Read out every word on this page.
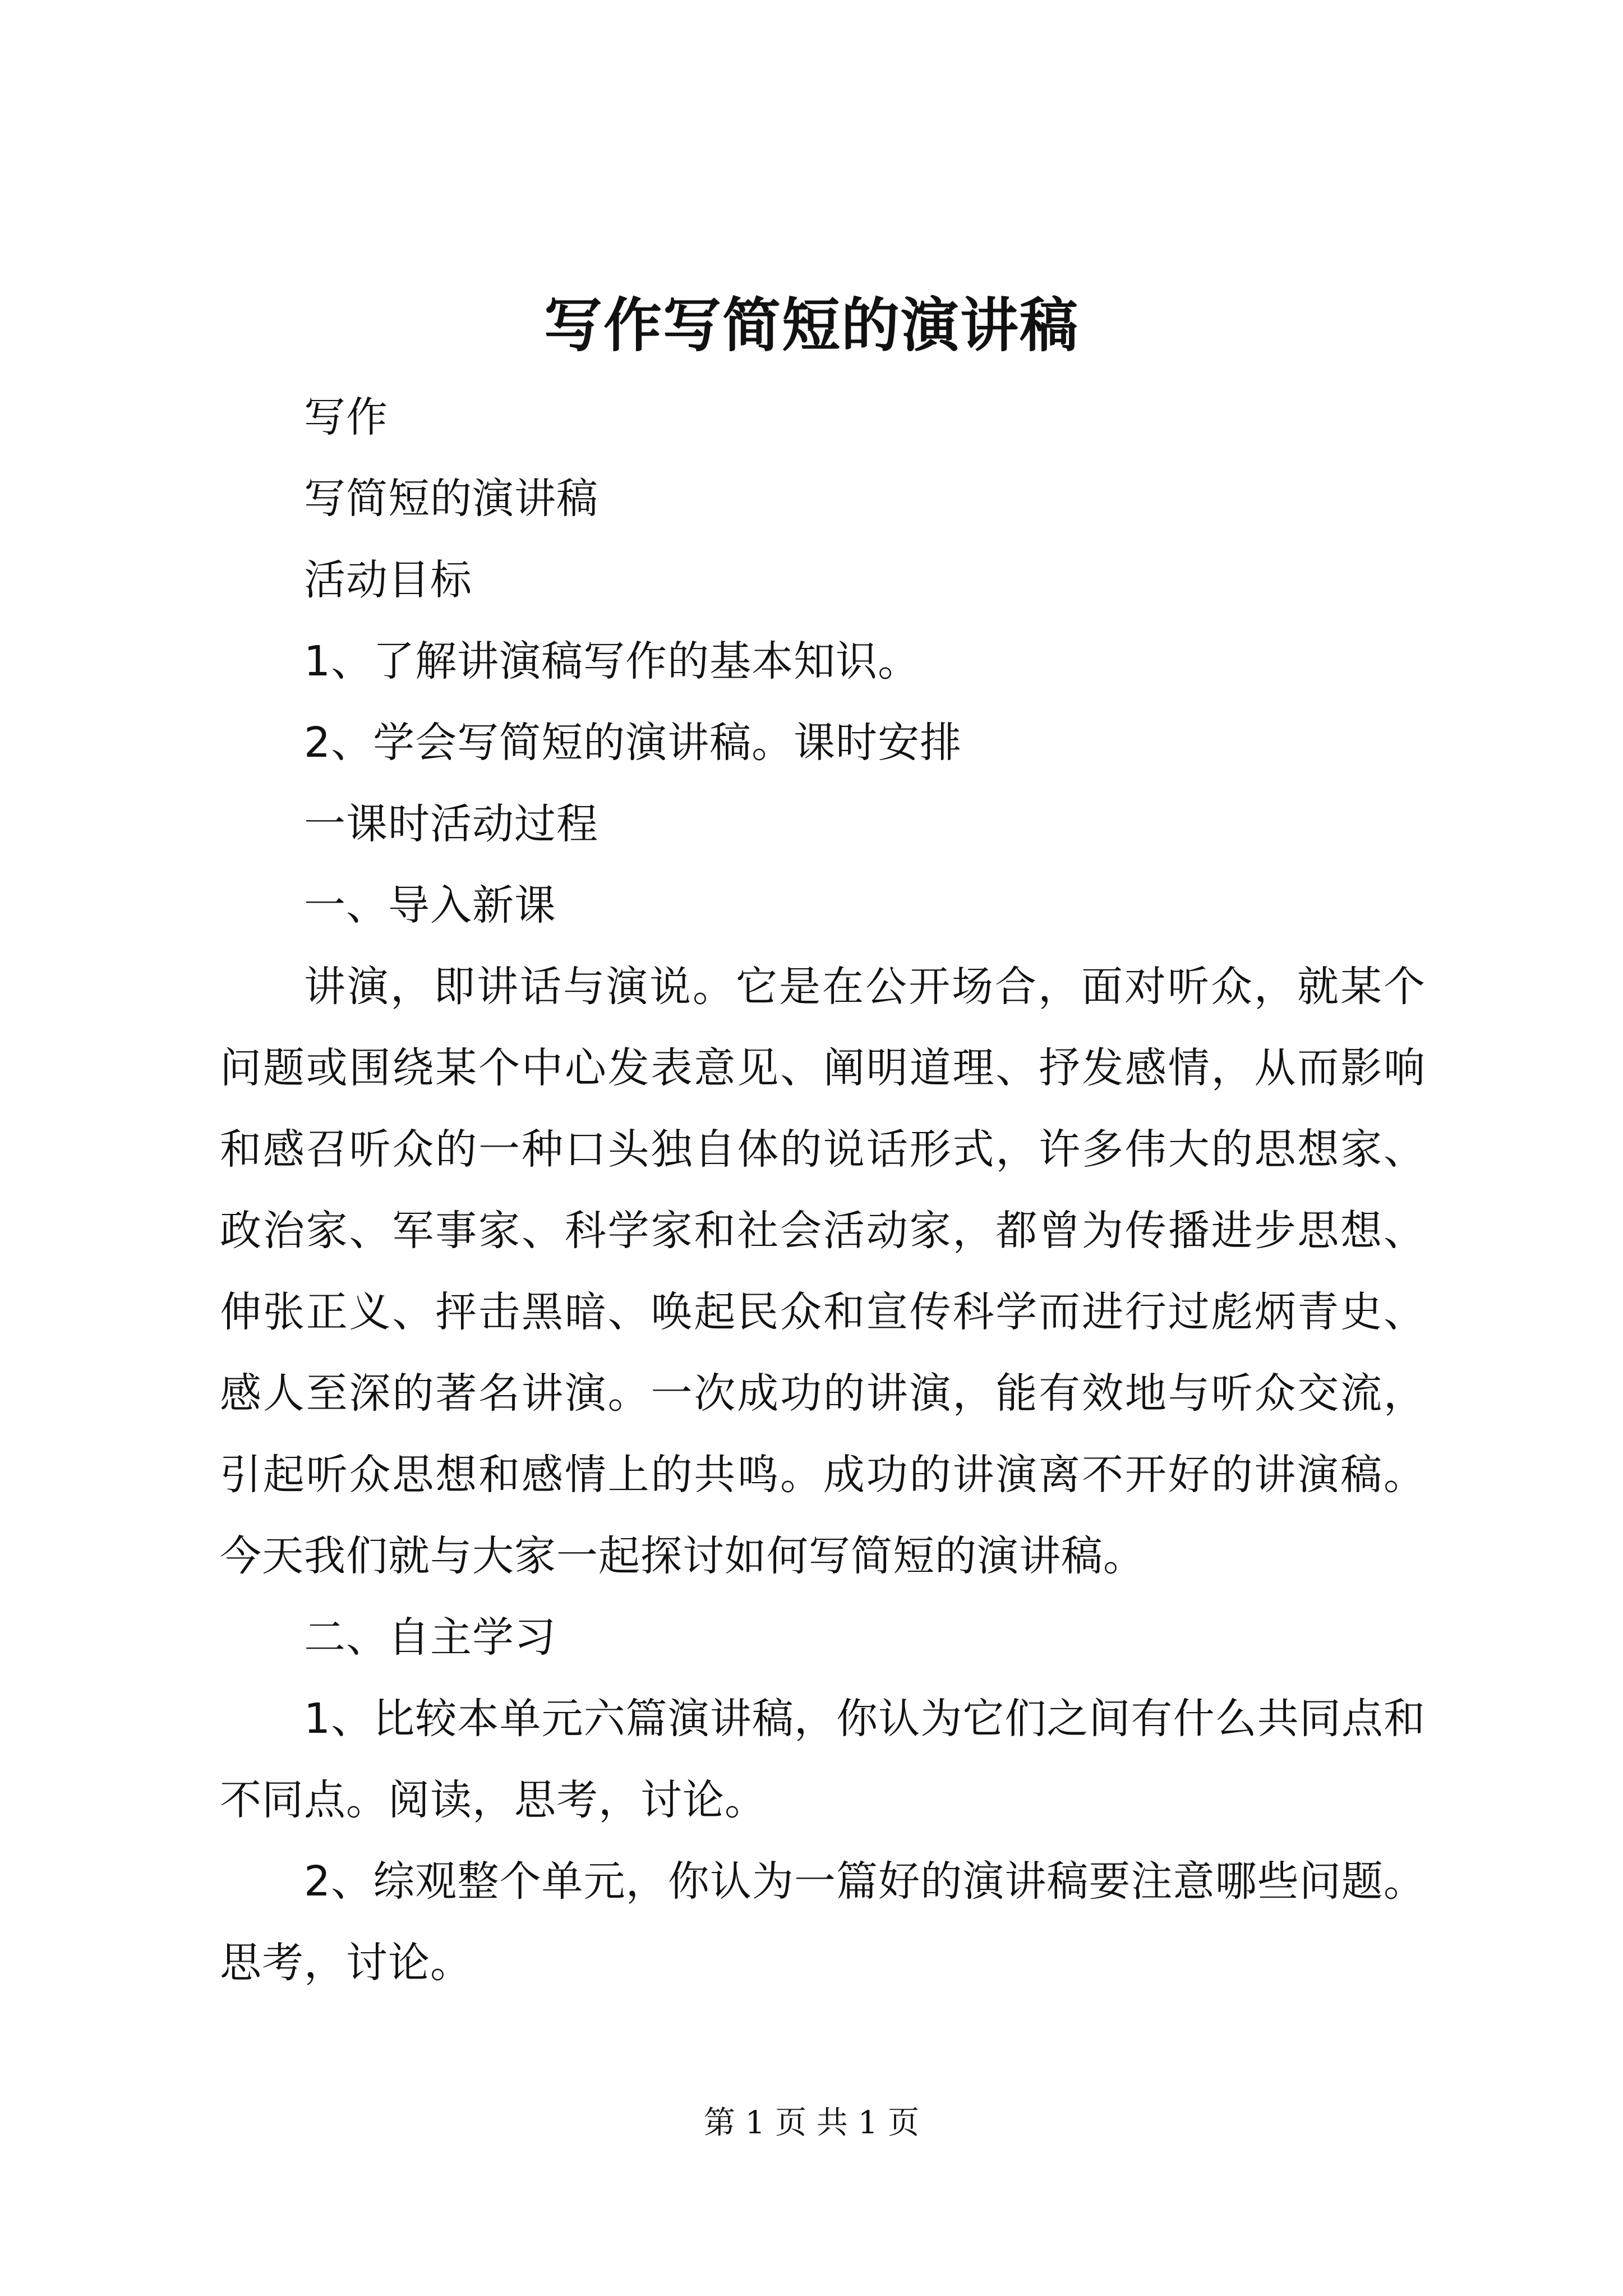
写作写简短的演讲稿

写作

写简短的演讲稿

活动目标

1、了解讲演稿写作的基本知识。

2、学会写简短的演讲稿。课时安排

一课时活动过程

一、导入新课

讲演，即讲话与演说。它是在公开场合，面对听众，就某个问题或围绕某个中心发表意见、阐明道理、抒发感情，从而影响和感召听众的一种口头独自体的说话形式，许多伟大的思想家、政治家、军事家、科学家和社会活动家，都曾为传播进步思想、伸张正义、抨击黑暗、唤起民众和宣传科学而进行过彪炳青史、感人至深的著名讲演。一次成功的讲演，能有效地与听众交流，引起听众思想和感情上的共鸣。成功的讲演离不开好的讲演稿。今天我们就与大家一起探讨如何写简短的演讲稿。

二、自主学习

1、比较本单元六篇演讲稿，你认为它们之间有什么共同点和不同点。阅读，思考，讨论。

2、综观整个单元，你认为一篇好的演讲稿要注意哪些问题。思考，讨论。

第 1 页 共 1 页
